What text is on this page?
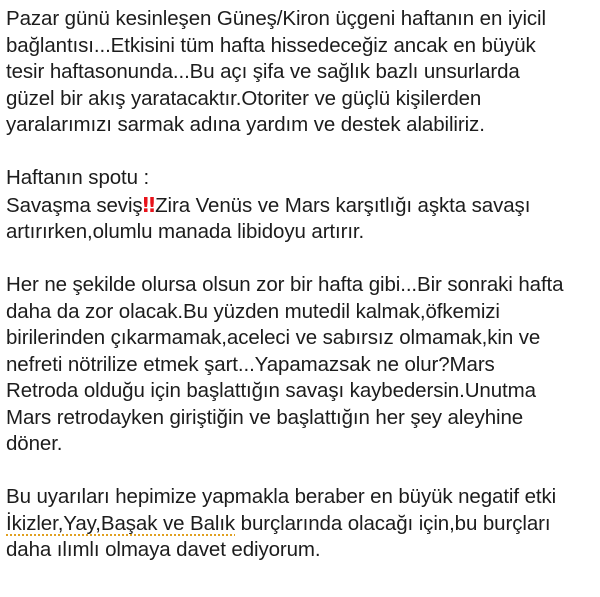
Pazar günü kesinleşen Güneş/Kiron üçgeni haftanın en iyicil
bağlantısı...Etkisini tüm hafta hissedeceğiz ancak en büyük
tesir haftasonunda...Bu açı şifa ve sağlık bazlı unsurlarda
güzel bir akış yaratacaktır.Otoriter ve güçlü kişilerden
yaralarımızı sarmak adına yardım ve destek alabiliriz.
Haftanın spotu :
Savaşma seviş‼ Zira Venüs ve Mars karşıtlığı aşkta savaşı
artırırken,olumlu manada libidoyu artırır.
Her ne şekilde olursa olsun zor bir hafta gibi...Bir sonraki hafta
daha da zor olacak.Bu yüzden mutedil kalmak,öfkemizi
birilerinden çıkarmamak,aceleci ve sabırsız olmamak,kin ve
nefreti nötrilize etmek şart...Yapamazsak ne olur?Mars
Retroda olduğu için başlattığın savaşı kaybedersin.Unutma
Mars retrodayken giriştiğin ve başlattığın her şey aleyhine
döner.
Bu uyarıları hepimize yapmakla beraber en büyük negatif etki
İkizler,Yay,Başak ve Balık burçlarında olacağı için,bu burçları
daha ılımlı olmaya davet ediyorum.
